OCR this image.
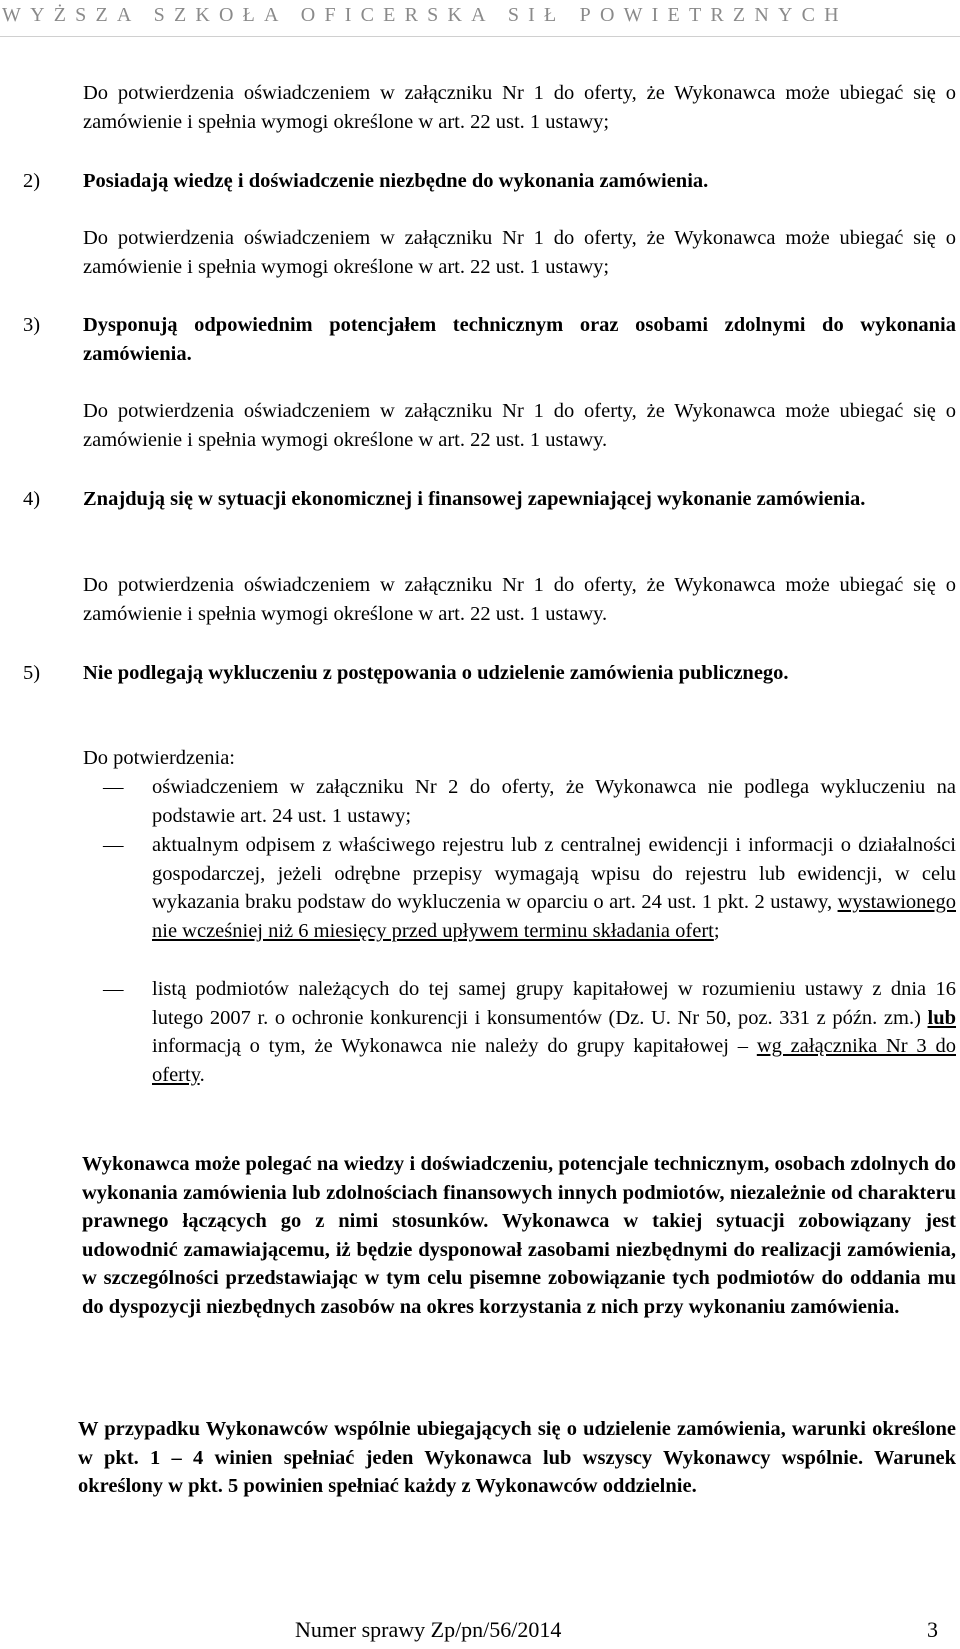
WYŻSZA SZKOŁA OFICERSKA SIŁ POWIETRZNYCH

Do potwierdzenia oświadczeniem w załączniku Nr 1 do oferty, że Wykonawca może ubiegać się o zamówienie i spełnia wymogi określone w art. 22 ust. 1 ustawy;

2)	Posiadają wiedzę i doświadczenie niezbędne do wykonania zamówienia.

Do potwierdzenia oświadczeniem w załączniku Nr 1 do oferty, że Wykonawca może ubiegać się o zamówienie i spełnia wymogi określone w art. 22 ust. 1 ustawy;

3)	Dysponują odpowiednim potencjałem technicznym oraz osobami zdolnymi do wykonania zamówienia.

Do potwierdzenia oświadczeniem w załączniku Nr 1 do oferty, że Wykonawca może ubiegać się o zamówienie i spełnia wymogi określone w art. 22 ust. 1 ustawy.

4)	Znajdują się w sytuacji ekonomicznej i finansowej zapewniającej wykonanie zamówienia.

Do potwierdzenia oświadczeniem w załączniku Nr 1 do oferty, że Wykonawca może ubiegać się o zamówienie i spełnia wymogi określone w art. 22 ust. 1 ustawy.

5)	Nie podlegają wykluczeniu z postępowania o udzielenie zamówienia publicznego.

Do potwierdzenia:

—	oświadczeniem w załączniku Nr 2 do oferty, że Wykonawca nie podlega wykluczeniu na podstawie art. 24 ust. 1 ustawy;
—	aktualnym odpisem z właściwego rejestru lub z centralnej ewidencji i informacji o działalności gospodarczej, jeżeli odrębne przepisy wymagają wpisu do rejestru lub ewidencji, w celu wykazania braku podstaw do wykluczenia w oparciu o art. 24 ust. 1 pkt. 2 ustawy, wystawionego nie wcześniej niż 6 miesięcy przed upływem terminu składania ofert;
—	listą podmiotów należących do tej samej grupy kapitałowej w rozumieniu ustawy z dnia 16 lutego 2007 r. o ochronie konkurencji i konsumentów (Dz. U. Nr 50, poz. 331 z późn. zm.) lub informacją o tym, że Wykonawca nie należy do grupy kapitałowej – wg załącznika Nr 3 do oferty.

Wykonawca może polegać na wiedzy i doświadczeniu, potencjale technicznym, osobach zdolnych do wykonania zamówienia lub zdolnościach finansowych innych podmiotów, niezależnie od charakteru prawnego łączących go z nimi stosunków. Wykonawca w takiej sytuacji zobowiązany jest udowodnić zamawiającemu, iż będzie dysponował zasobami niezbędnymi do realizacji zamówienia, w szczególności przedstawiając w tym celu pisemne zobowiązanie tych podmiotów do oddania mu do dyspozycji niezbędnych zasobów na okres korzystania z nich przy wykonaniu zamówienia.

W przypadku Wykonawców wspólnie ubiegających się o udzielenie zamówienia, warunki określone w pkt. 1 – 4 winien spełniać jeden Wykonawca lub wszyscy Wykonawcy wspólnie. Warunek określony w pkt. 5 powinien spełniać każdy z Wykonawców oddzielnie.

Numer sprawy Zp/pn/56/2014	3
